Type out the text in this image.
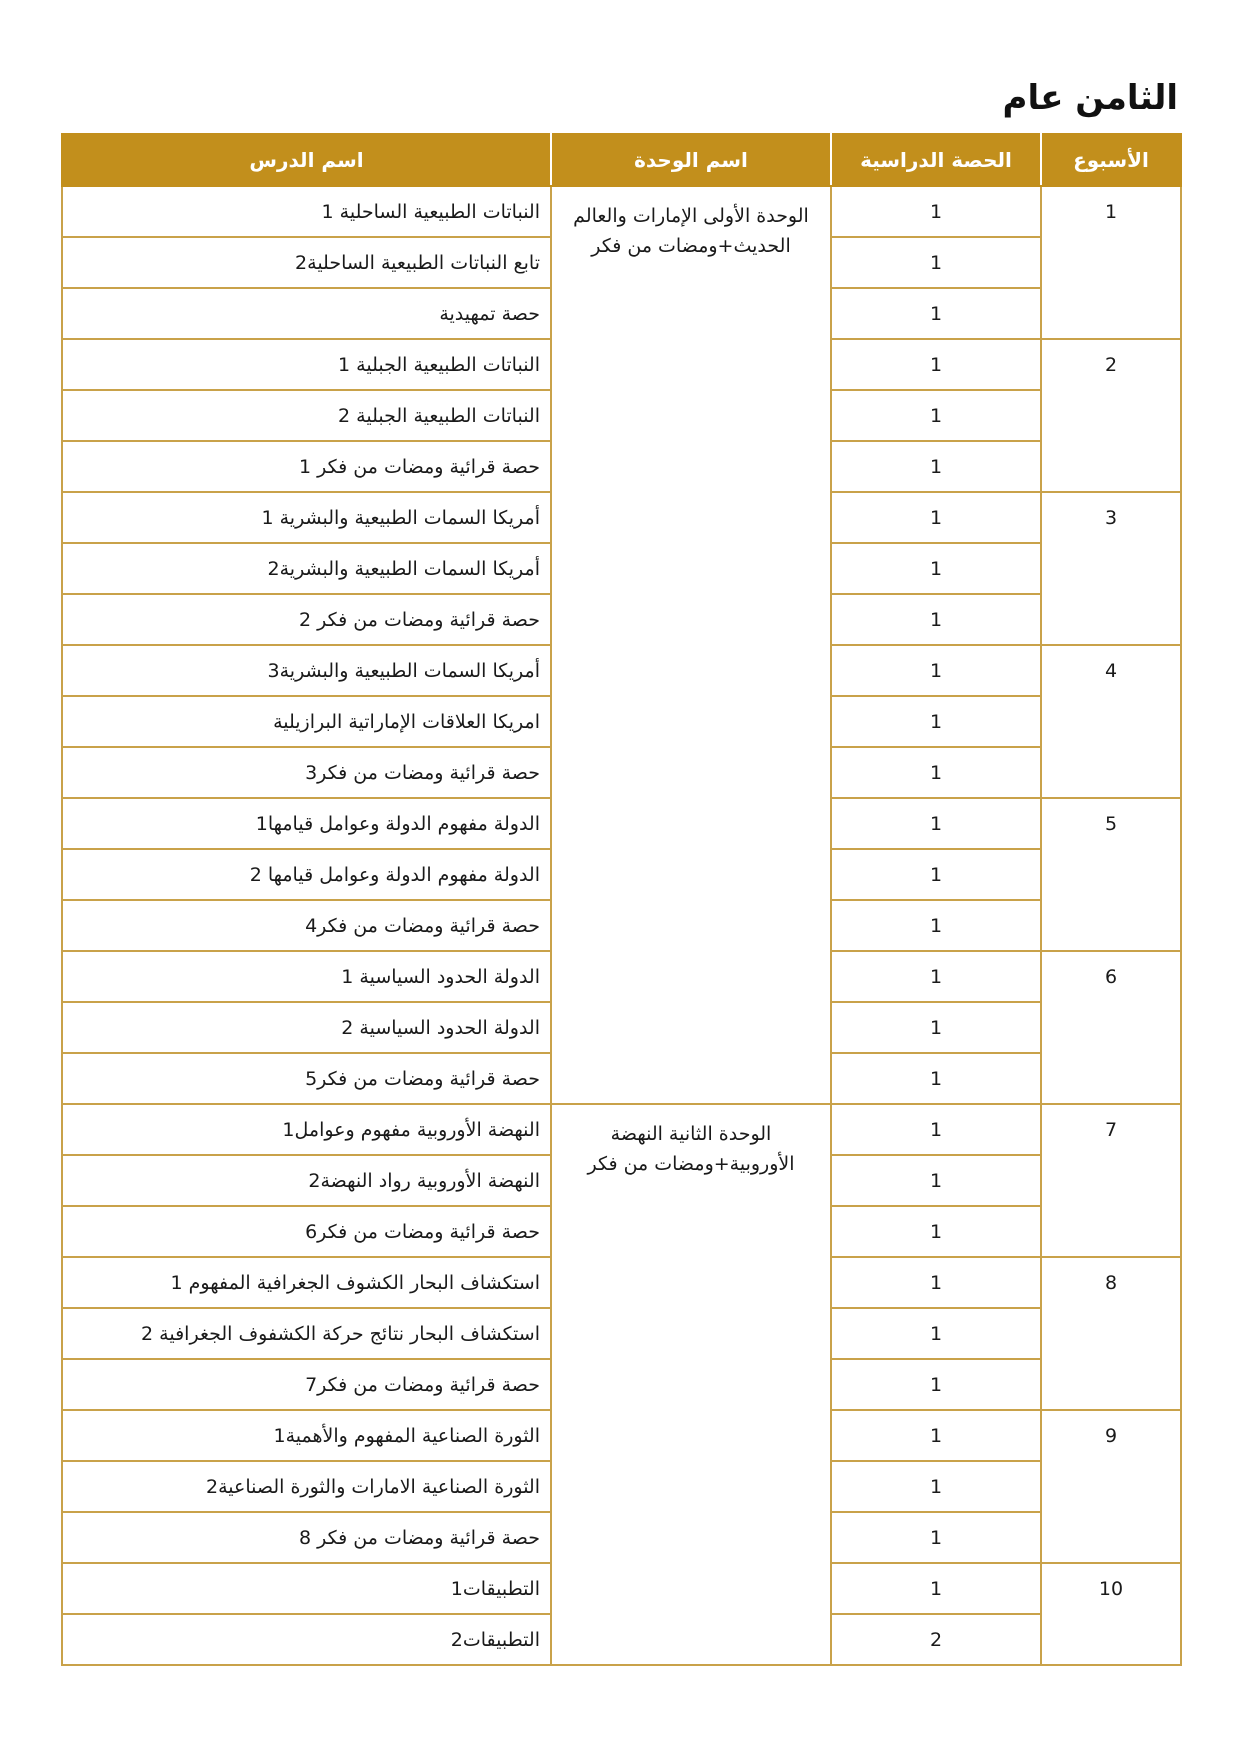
الثامن عام
الأسبوع	الحصة الدراسية	اسم الوحدة	اسم الدرس
1	1	الوحدة الأولى الإمارات والعالم الحديث+ومضات من فكر	النباتات الطبيعية الساحلية 1
	1		تابع النباتات الطبيعية الساحلية2
	1		حصة تمهيدية
2	1		النباتات الطبيعية الجبلية 1
	1		النباتات الطبيعية الجبلية 2
	1		حصة قرائية ومضات من فكر 1
3	1		أمريكا السمات الطبيعية والبشرية 1
	1		أمريكا السمات الطبيعية والبشرية2
	1		حصة قرائية ومضات من فكر 2
4	1		أمريكا السمات الطبيعية والبشرية3
	1		امريكا العلاقات الإماراتية البرازيلية
	1		حصة قرائية ومضات من فكر3
5	1		الدولة مفهوم الدولة وعوامل قيامها1
	1		الدولة مفهوم الدولة وعوامل قيامها 2
	1		حصة قرائية ومضات من فكر4
6	1		الدولة الحدود السياسية 1
	1		الدولة الحدود السياسية 2
	1		حصة قرائية ومضات من فكر5
7	1	الوحدة الثانية النهضة الأوروبية+ومضات من فكر	النهضة الأوروبية مفهوم وعوامل1
	1		النهضة الأوروبية رواد النهضة2
	1		حصة قرائية ومضات من فكر6
8	1		استكشاف البحار الكشوف الجغرافية المفهوم 1
	1		استكشاف البحار نتائج حركة الكشفوف الجغرافية 2
	1		حصة قرائية ومضات من فكر7
9	1		الثورة الصناعية المفهوم والأهمية1
	1		الثورة الصناعية الامارات والثورة الصناعية2
	1		حصة قرائية ومضات من فكر 8
10	1		التطبيقات1
	2		التطبيقات2
